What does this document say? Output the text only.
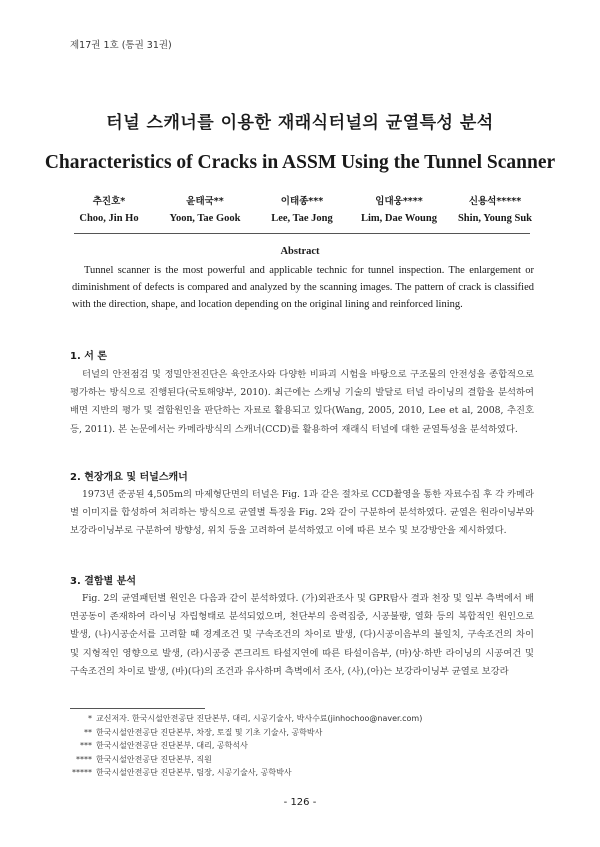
제17권 1호 (통권 31권)
터널 스캐너를 이용한 재래식터널의 균열특성 분석
Characteristics of Cracks in ASSM Using the Tunnel Scanner
추진호*
Choo, Jin Ho
윤태국**
Yoon, Tae Gook
이태종***
Lee, Tae Jong
임대웅****
Lim, Dae Woung
신용석*****
Shin, Young Suk
Abstract
Tunnel scanner is the most powerful and applicable technic for tunnel inspection. The enlargement or diminishment of defects is compared and analyzed by the scanning images. The pattern of crack is classified with the direction, shape, and location depending on the original lining and reinforced lining.
1. 서 론
터널의 안전점검 및 정밀안전진단은 육안조사와 다양한 비파괴 시험을 바탕으로 구조물의 안전성을 종합적으로 평가하는 방식으로 진행된다(국토해양부, 2010). 최근에는 스캐닝 기술의 발달로 터널 라이닝의 결함을 분석하여 배면 지반의 평가 및 결함원인을 판단하는 자료로 활용되고 있다(Wang, 2005, 2010, Lee et al, 2008, 추진호 등, 2011). 본 논문에서는 카메라방식의 스캐너(CCD)를 활용하여 재래식 터널에 대한 균열특성을 분석하였다.
2. 현장개요 및 터널스캐너
1973년 준공된 4,505m의 마제형단면의 터널은 Fig. 1과 같은 절차로 CCD촬영을 통한 자료수집 후 각 카메라별 이미지를 합성하여 처리하는 방식으로 균열별 특징을 Fig. 2와 같이 구분하여 분석하였다. 균열은 원라이닝부와 보강라이닝부로 구분하여 방향성, 위치 등을 고려하여 분석하였고 이에 따른 보수 및 보강방안을 제시하였다.
3. 결함별 분석
Fig. 2의 균열패턴별 원인은 다음과 같이 분석하였다. (가)외관조사 및 GPR탐사 결과 천장 및 일부 측벽에서 배면공동이 존재하여 라이닝 자립형태로 분석되었으며, 천단부의 응력집중, 시공불량, 열화 등의 복합적인 원인으로 발생, (나)시공순서를 고려할 때 경계조건 및 구속조건의 차이로 발생, (다)시공이음부의 불일치, 구속조건의 차이 및 지형적인 영향으로 발생, (라)시공중 콘크리트 타설지연에 따른 타설이음부, (마)상·하반 라이닝의 시공여건 및 구속조건의 차이로 발생, (바)(다)의 조건과 유사하며 측벽에서 조사, (사),(아)는 보강라이닝부 균열로 보강라
* 교신저자. 한국시설안전공단 진단본부, 대리, 시공기술사, 박사수료(jinhochoo@naver.com)
** 한국시설안전공단 진단본부, 차장, 토질 및 기초 기술사, 공학박사
*** 한국시설안전공단 진단본부, 대리, 공학석사
**** 한국시설안전공단 진단본부, 직원
***** 한국시설안전공단 진단본부, 팀장, 시공기술사, 공학박사
- 126 -
